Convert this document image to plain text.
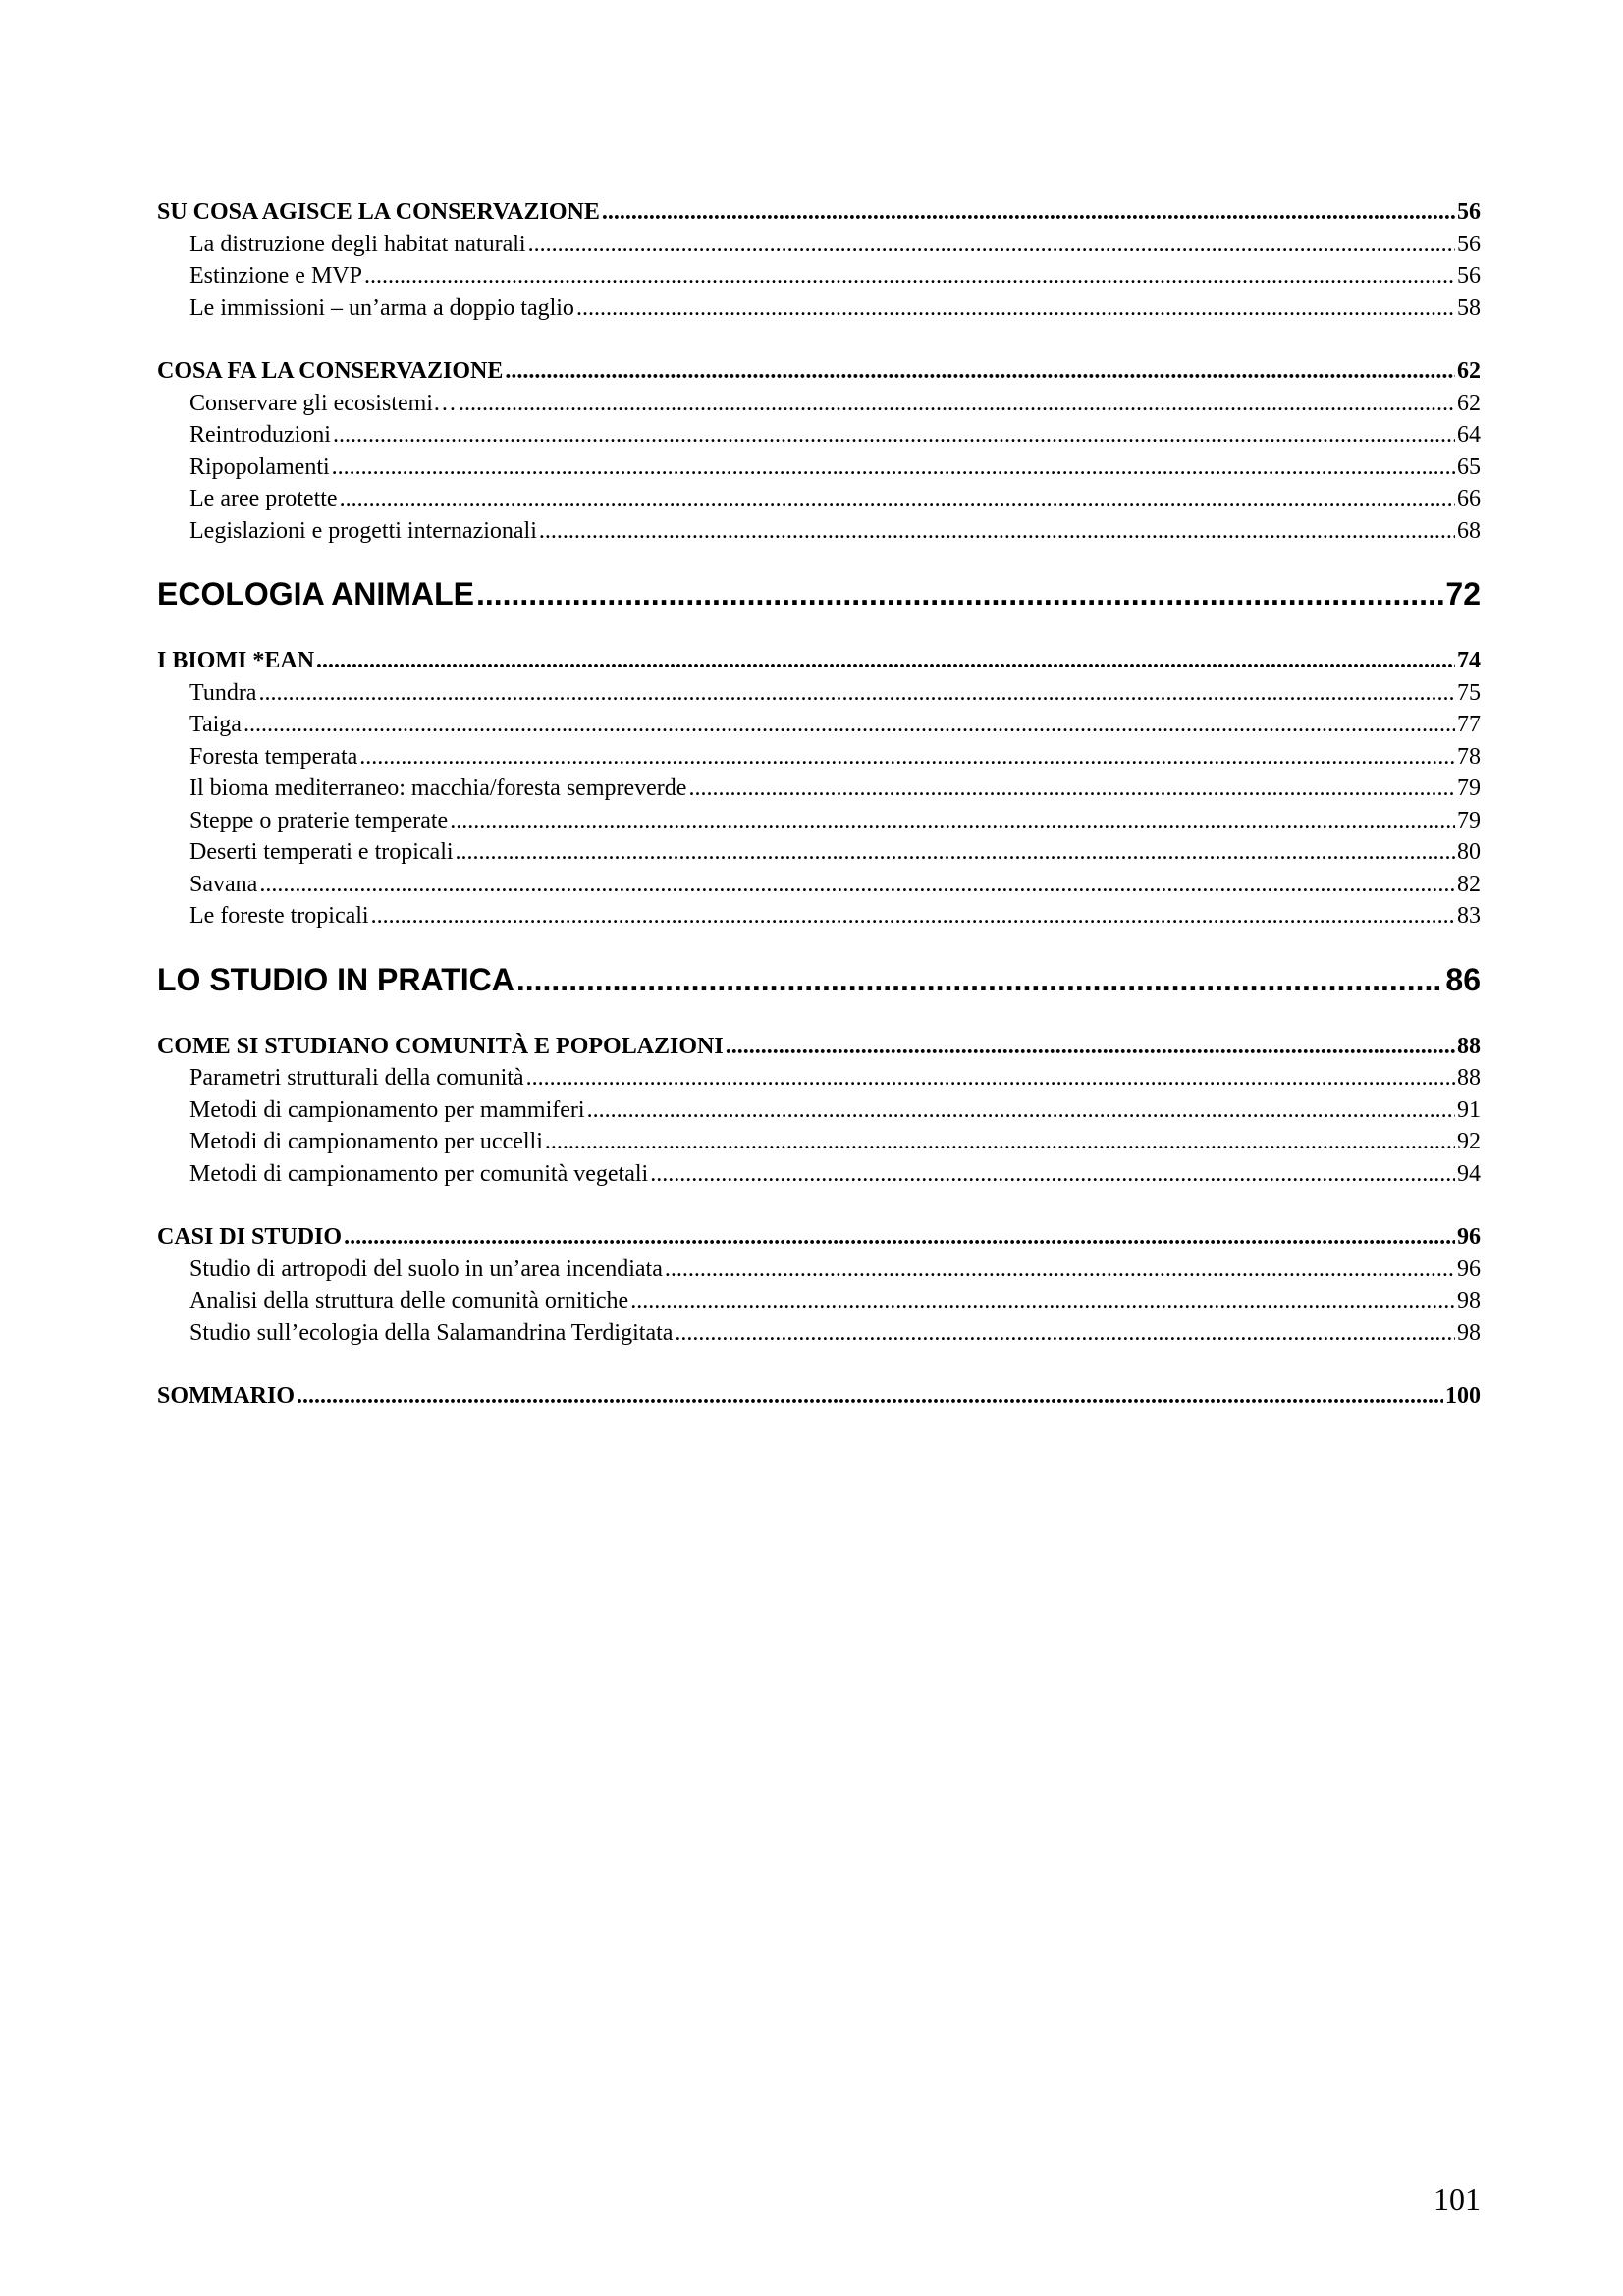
SU COSA AGISCE LA CONSERVAZIONE .....	56
La distruzione degli habitat naturali .....	56
Estinzione e MVP .....	56
Le immissioni – un’arma a doppio taglio .....	58
COSA FA LA CONSERVAZIONE .....	62
Conservare gli ecosistemi… .....	62
Reintroduzioni .....	64
Ripopolamenti .....	65
Le aree protette .....	66
Legislazioni e progetti internazionali .....	68
ECOLOGIA ANIMALE .....	72
I BIOMI *EAN .....	74
Tundra .....	75
Taiga .....	77
Foresta temperata .....	78
Il bioma mediterraneo: macchia/foresta sempreverde .....	79
Steppe o praterie temperate .....	79
Deserti temperati e tropicali .....	80
Savana .....	82
Le foreste tropicali .....	83
LO STUDIO IN PRATICA .....	86
COME SI STUDIANO COMUNITÀ E POPOLAZIONI .....	88
Parametri strutturali della comunità .....	88
Metodi di campionamento per mammiferi .....	91
Metodi di campionamento per uccelli .....	92
Metodi di campionamento per comunità vegetali .....	94
CASI DI STUDIO .....	96
Studio di artropodi del suolo in un’area incendiata .....	96
Analisi della struttura delle comunità ornitiche .....	98
Studio sull’ecologia della Salamandrina Terdigitata .....	98
SOMMARIO .....	100
101
